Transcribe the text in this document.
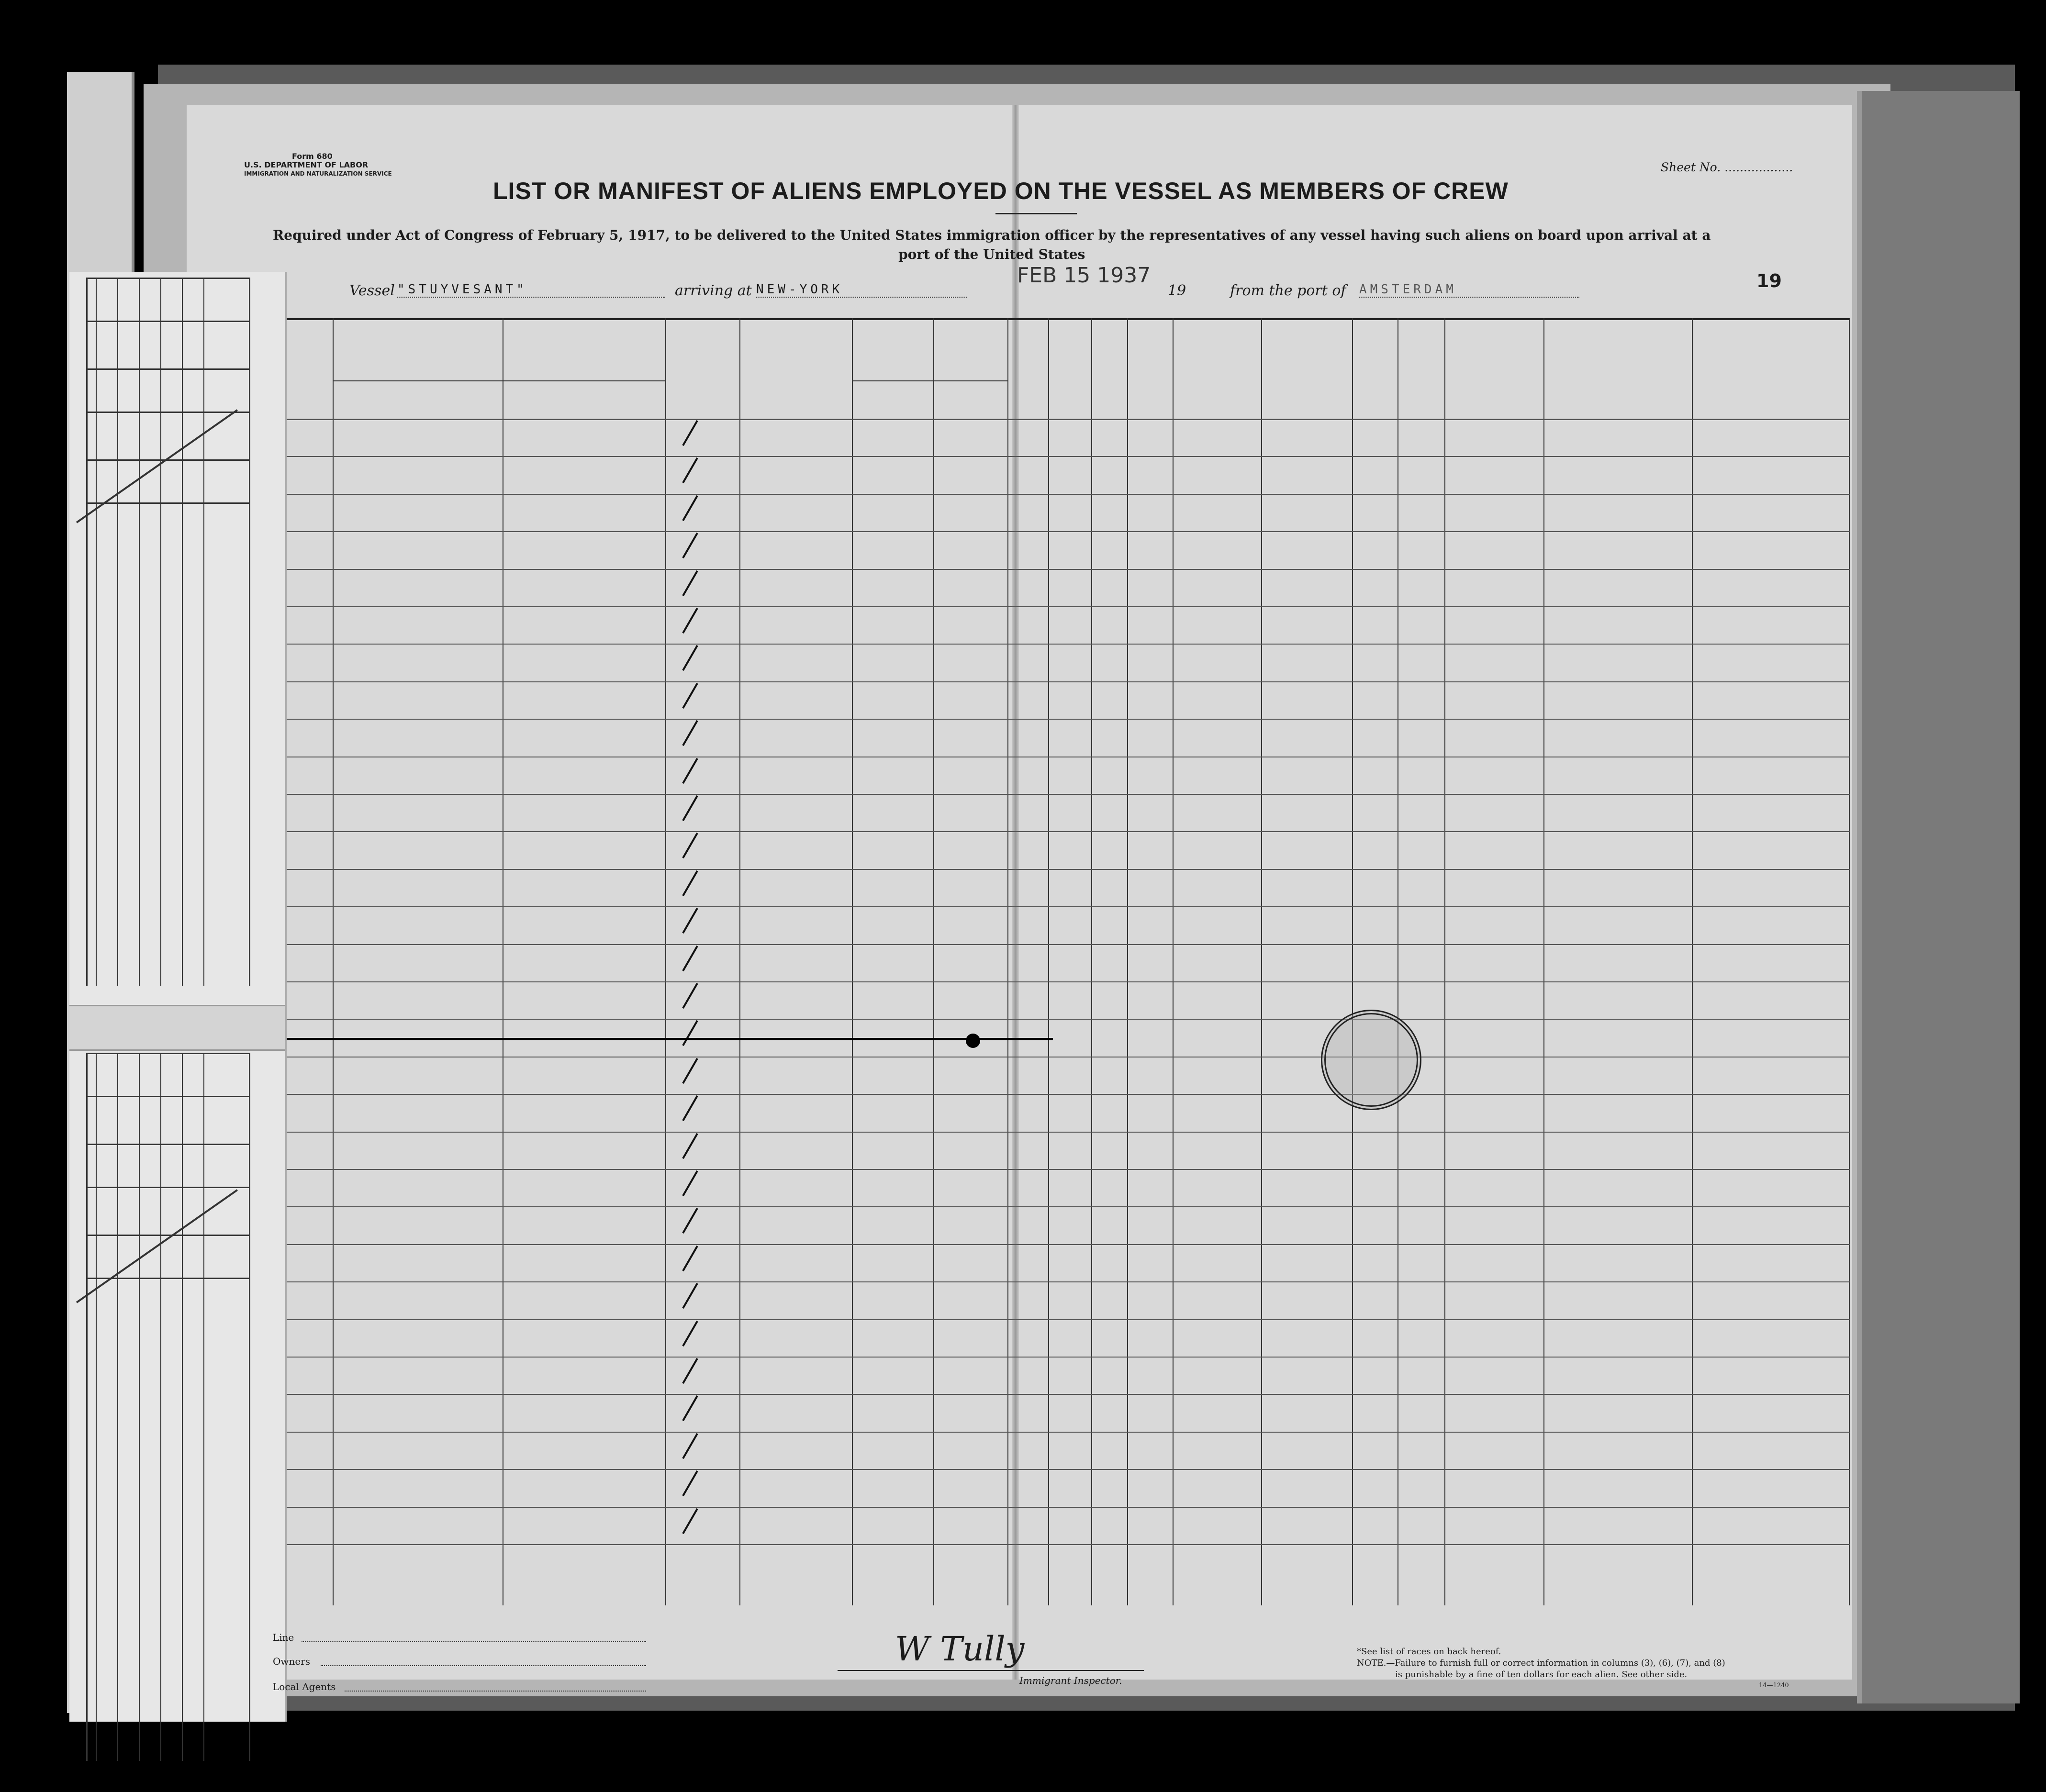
Form 680
U.S. DEPARTMENT OF LABOR
IMMIGRATION AND NATURALIZATION SERVICE	Sheet No. ..................
LIST OR MANIFEST OF ALIENS EMPLOYED ON THE VESSEL AS MEMBERS OF CREW
Required under Act of Congress of February 5, 1917, to be delivered to the United States immigration officer by the representatives of any vessel having such aliens on board upon arrival at a
port of the United States
Vessel "STUYVESANT"	arriving at NEW-YORK	19	from the port of AMSTERDAM
FEB 15 1937	19
Line
Owners
Local Agents
W Tully
Immigrant Inspector.
*See list of races on back hereof.
NOTE.—Failure to furnish full or correct information in columns (3), (6), (7), and (8)
is punishable by a fine of ten dollars for each alien. See other side.
14—1240
